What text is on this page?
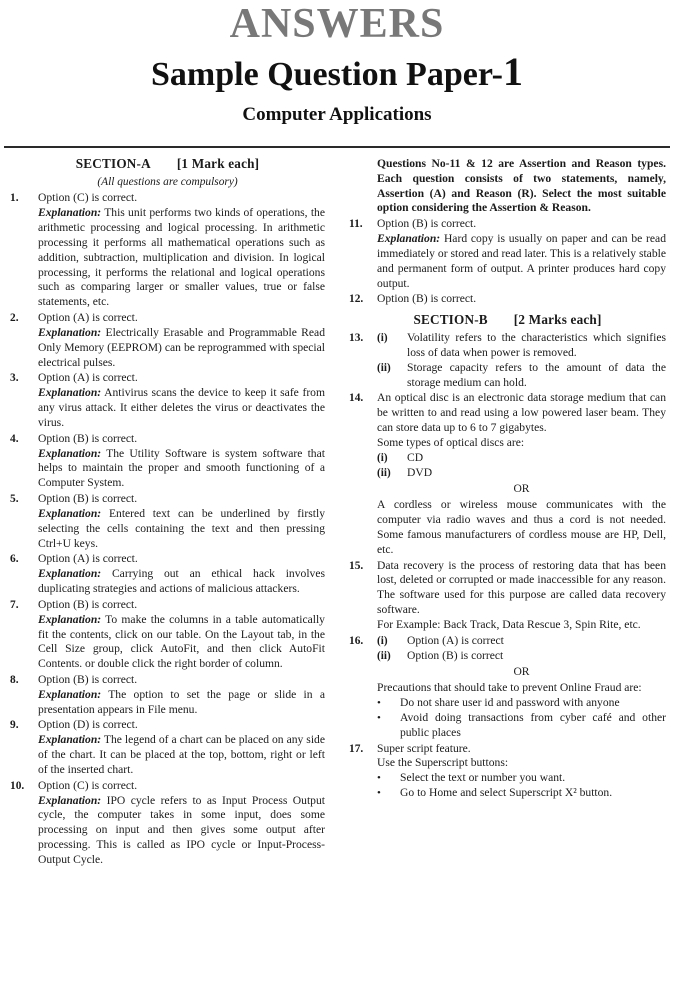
ANSWERS
Sample Question Paper-1
Computer Applications
SECTION-A [1 Mark each]
(All questions are compulsory)
1.	Option (C) is correct.

Explanation: This unit performs two kinds of operations, the arithmetic processing and logical processing. In arithmetic processing it performs all mathematical operations such as addition, subtraction, multiplication and division. In logical processing, it performs the relational and logical operations such as comparing larger or smaller values, true or false statements, etc.

2.	Option (A) is correct.

Explanation: Electrically Erasable and Programmable Read Only Memory (EEPROM) can be reprogrammed with special electrical pulses.

3.	Option (A) is correct.

Explanation: Antivirus scans the device to keep it safe from any virus attack. It either deletes the virus or deactivates the virus.

4.	Option (B) is correct.

Explanation: The Utility Software is system software that helps to maintain the proper and smooth functioning of a Computer System.

5.	Option (B) is correct.

Explanation: Entered text can be underlined by firstly selecting the cells containing the text and then pressing Ctrl+U keys.

6.	Option (A) is correct.

Explanation: Carrying out an ethical hack involves duplicating strategies and actions of malicious attackers.

7.	Option (B) is correct.

Explanation: To make the columns in a table automatically fit the contents, click on our table. On the Layout tab, in the Cell Size group, click AutoFit, and then click AutoFit Contents. or double click the right border of column.

8.	Option (B) is correct.

Explanation: The option to set the page or slide in a presentation appears in File menu.

9.	Option (D) is correct.

Explanation: The legend of a chart can be placed on any side of the chart. It can be placed at the top, bottom, right or left of the inserted chart.

10.	Option (C) is correct.

Explanation: IPO cycle refers to as Input Process Output cycle, the computer takes in some input, does some processing on input and then gives some output after processing. This is called as IPO cycle or Input-Process-Output Cycle.

Questions No-11 & 12 are Assertion and Reason types. Each question consists of two statements, namely, Assertion (A) and Reason (R). Select the most suitable option considering the Assertion & Reason.

11.	Option (B) is correct.

Explanation: Hard copy is usually on paper and can be read immediately or stored and read later. This is a relatively stable and permanent form of output. A printer produces hard copy output.

12.	Option (B) is correct.

SECTION-B [2 Marks each]
13.	(i)	Volatility refers to the characteristics which signifies loss of data when power is removed.
(ii)	Storage capacity refers to the amount of data the storage medium can hold.
14.	An optical disc is an electronic data storage medium that can be written to and read using a low powered laser beam. They can store data up to 6 to 7 gigabytes.

Some types of optical discs are:

(i)	CD
(ii)	DVD
OR

A cordless or wireless mouse communicates with the computer via radio waves and thus a cord is not needed. Some famous manufacturers of cordless mouse are HP, Dell, etc.

15.	Data recovery is the process of restoring data that has been lost, deleted or corrupted or made inaccessible for any reason. The software used for this purpose are called data recovery software.

For Example: Back Track, Data Rescue 3, Spin Rite, etc.

16.	(i)	Option (A) is correct
(ii)	Option (B) is correct
OR

Precautions that should take to prevent Online Fraud are:

•	Do not share user id and password with anyone
•	Avoid doing transactions from cyber café and other public places
17.	Super script feature.

Use the Superscript buttons:

•	Select the text or number you want.
•	Go to Home and select Superscript X² button.
